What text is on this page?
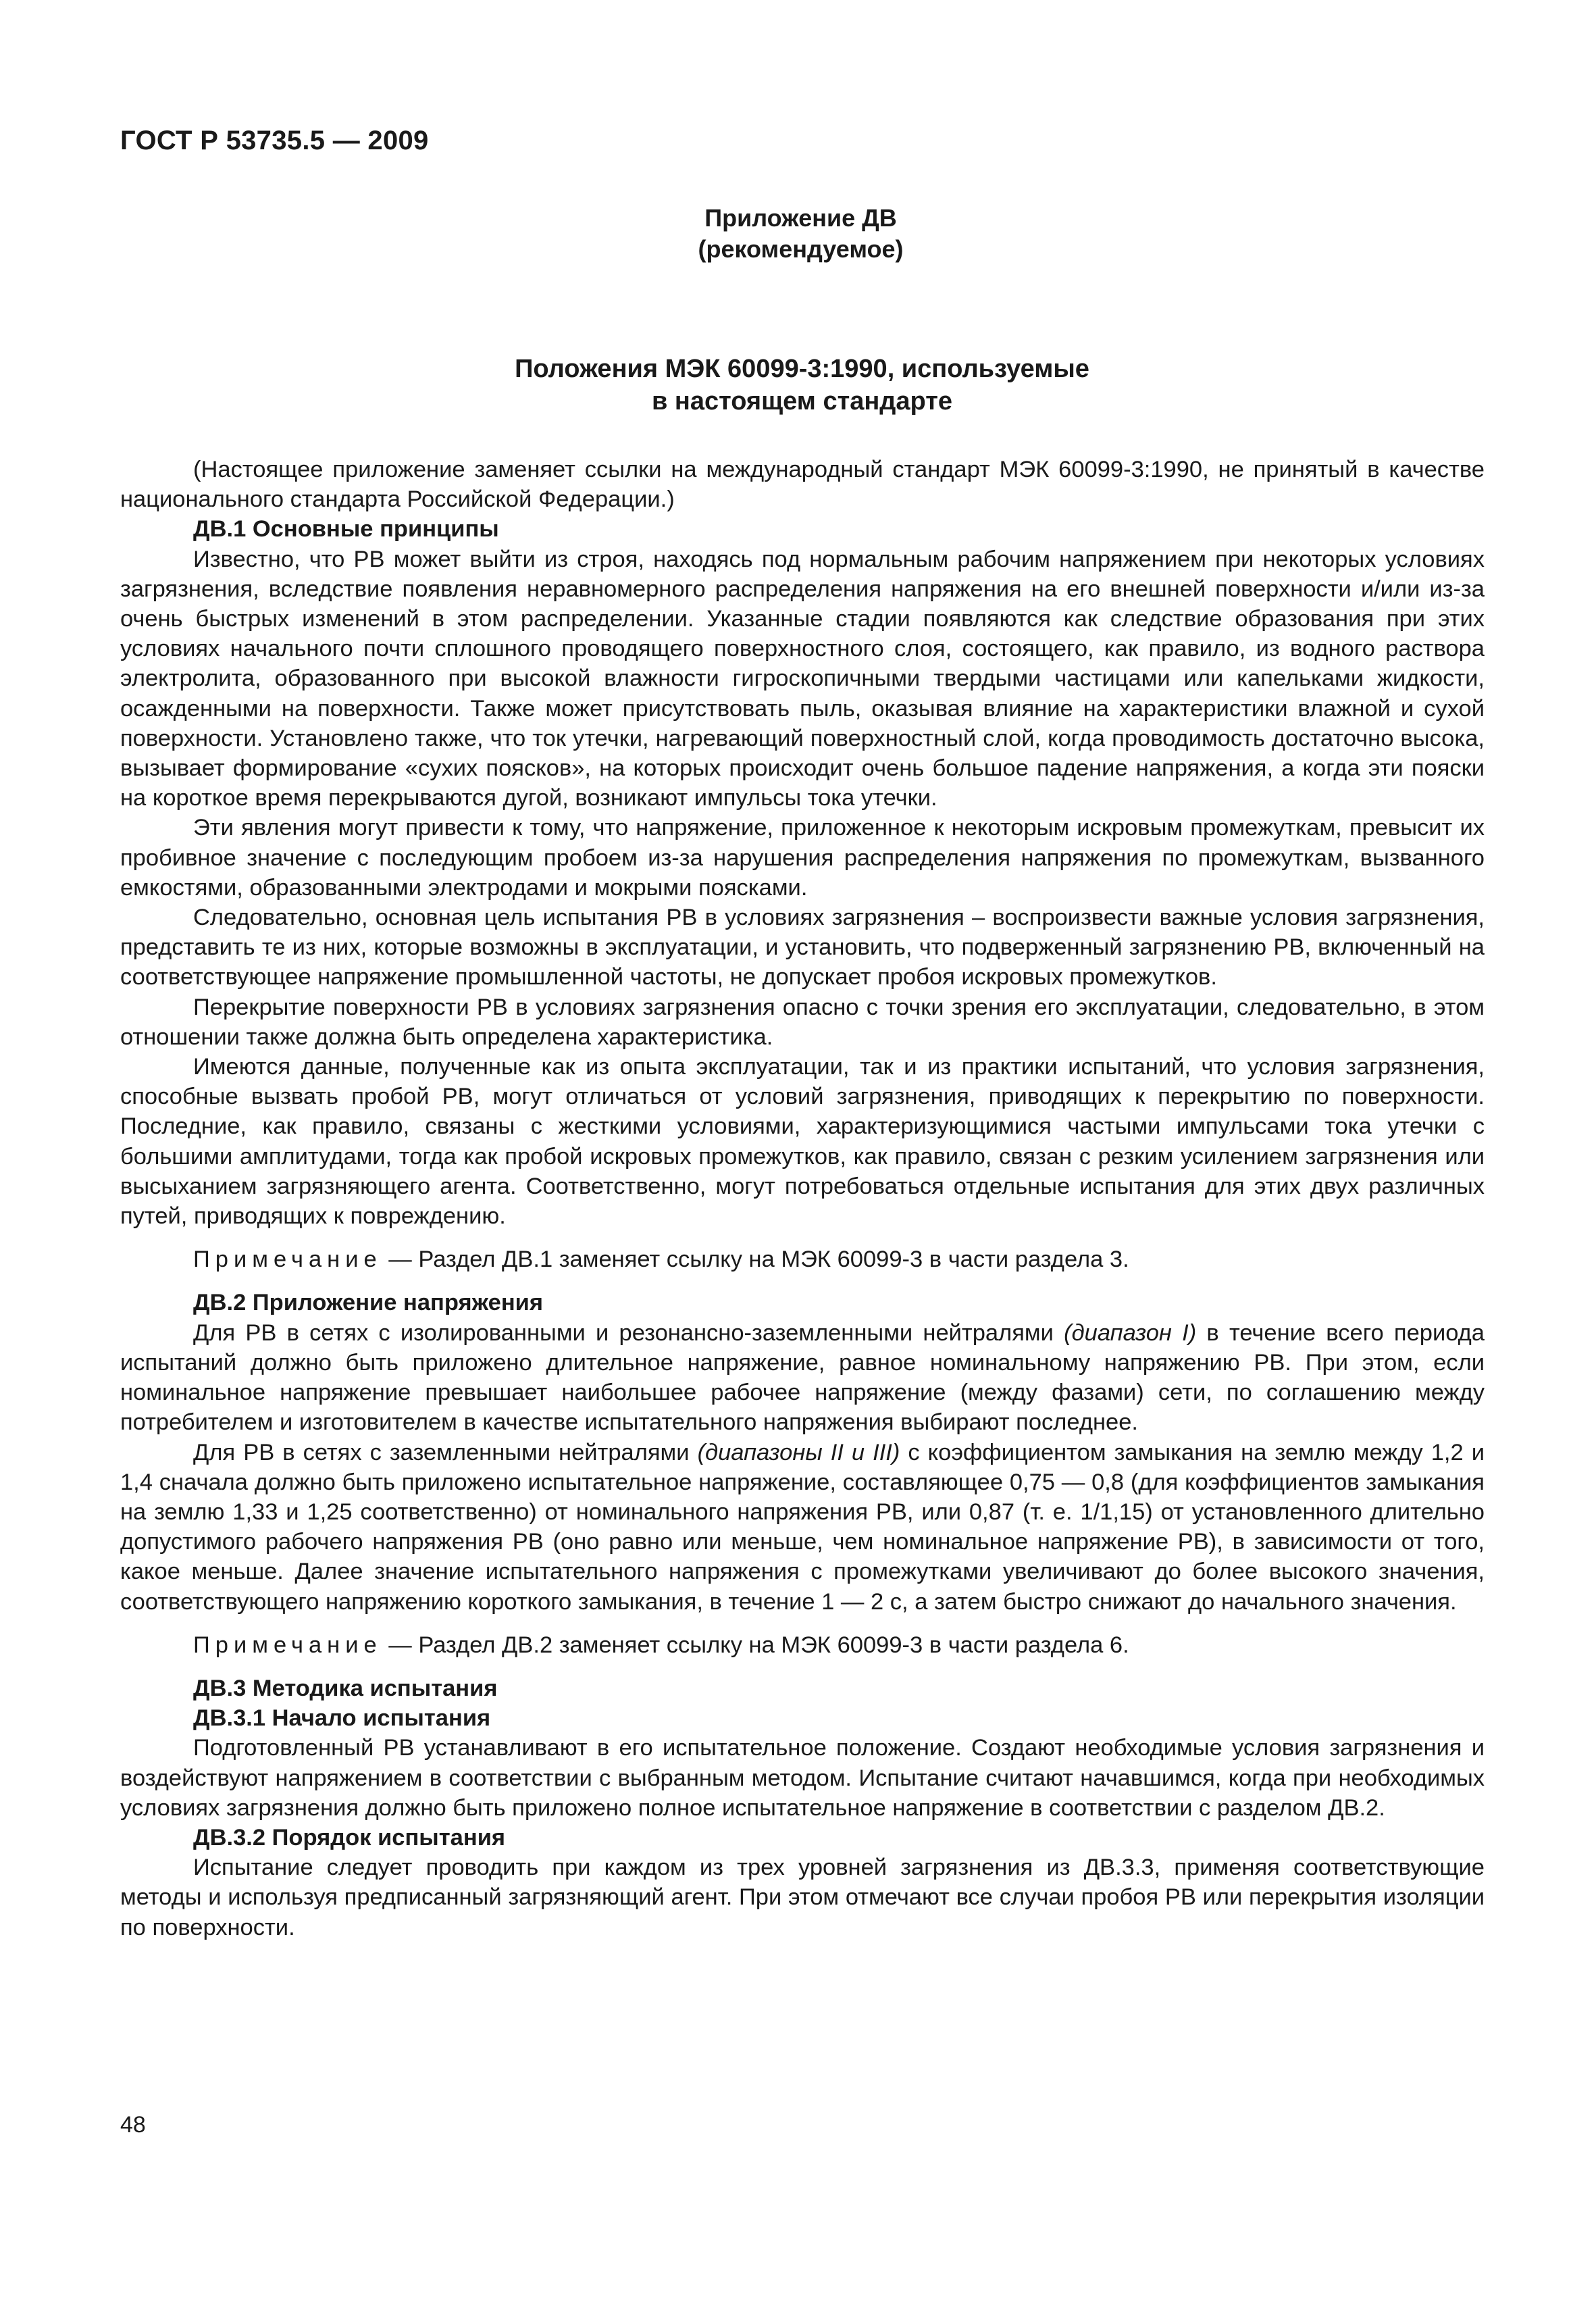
ГОСТ Р 53735.5 — 2009
Приложение ДВ
(рекомендуемое)
Положения МЭК 60099-3:1990, используемые
в настоящем стандарте

(Настоящее приложение заменяет ссылки на международный стандарт МЭК 60099-3:1990, не принятый в качестве национального стандарта Российской Федерации.)

ДВ.1 Основные принципы

Известно, что РВ может выйти из строя, находясь под нормальным рабочим напряжением при некоторых условиях загрязнения, вследствие появления неравномерного распределения напряжения на его внешней поверхности и/или из-за очень быстрых изменений в этом распределении. Указанные стадии появляются как следствие образования при этих условиях начального почти сплошного проводящего поверхностного слоя, состоящего, как правило, из водного раствора электролита, образованного при высокой влажности гигроскопичными твердыми частицами или капельками жидкости, осажденными на поверхности. Также может присутствовать пыль, оказывая влияние на характеристики влажной и сухой поверхности. Установлено также, что ток утечки, нагревающий поверхностный слой, когда проводимость достаточно высока, вызывает формирование «сухих поясков», на которых происходит очень большое падение напряжения, а когда эти пояски на короткое время перекрываются дугой, возникают импульсы тока утечки.

Эти явления могут привести к тому, что напряжение, приложенное к некоторым искровым промежуткам, превысит их пробивное значение с последующим пробоем из-за нарушения распределения напряжения по промежуткам, вызванного емкостями, образованными электродами и мокрыми поясками.

Следовательно, основная цель испытания РВ в условиях загрязнения – воспроизвести важные условия загрязнения, представить те из них, которые возможны в эксплуатации, и установить, что подверженный загрязнению РВ, включенный на соответствующее напряжение промышленной частоты, не допускает пробоя искровых промежутков.

Перекрытие поверхности РВ в условиях загрязнения опасно с точки зрения его эксплуатации, следовательно, в этом отношении также должна быть определена характеристика.

Имеются данные, полученные как из опыта эксплуатации, так и из практики испытаний, что условия загрязнения, способные вызвать пробой РВ, могут отличаться от условий загрязнения, приводящих к перекрытию по поверхности. Последние, как правило, связаны с жесткими условиями, характеризующимися частыми импульсами тока утечки с большими амплитудами, тогда как пробой искровых промежутков, как правило, связан с резким усилением загрязнения или высыханием загрязняющего агента. Соответственно, могут потребоваться отдельные испытания для этих двух различных путей, приводящих к повреждению.

Примечание — Раздел ДВ.1 заменяет ссылку на МЭК 60099-3 в части раздела 3.
ДВ.2 Приложение напряжения

Для РВ в сетях с изолированными и резонансно-заземленными нейтралями (диапазон I) в течение всего периода испытаний должно быть приложено длительное напряжение, равное номинальному напряжению РВ. При этом, если номинальное напряжение превышает наибольшее рабочее напряжение (между фазами) сети, по соглашению между потребителем и изготовителем в качестве испытательного напряжения выбирают последнее.

Для РВ в сетях с заземленными нейтралями (диапазоны II и III) с коэффициентом замыкания на землю между 1,2 и 1,4 сначала должно быть приложено испытательное напряжение, составляющее 0,75 — 0,8 (для коэффициентов замыкания на землю 1,33 и 1,25 соответственно) от номинального напряжения РВ, или 0,87 (т. е. 1/1,15) от установленного длительно допустимого рабочего напряжения РВ (оно равно или меньше, чем номинальное напряжение РВ), в зависимости от того, какое меньше. Далее значение испытательного напряжения с промежутками увеличивают до более высокого значения, соответствующего напряжению короткого замыкания, в течение 1 — 2 с, а затем быстро снижают до начального значения.

Примечание — Раздел ДВ.2 заменяет ссылку на МЭК 60099-3 в части раздела 6.
ДВ.3 Методика испытания
ДВ.3.1 Начало испытания

Подготовленный РВ устанавливают в его испытательное положение. Создают необходимые условия загрязнения и воздействуют напряжением в соответствии с выбранным методом. Испытание считают начавшимся, когда при необходимых условиях загрязнения должно быть приложено полное испытательное напряжение в соответствии с разделом ДВ.2.

ДВ.3.2 Порядок испытания

Испытание следует проводить при каждом из трех уровней загрязнения из ДВ.3.3, применяя соответствующие методы и используя предписанный загрязняющий агент. При этом отмечают все случаи пробоя РВ или перекрытия изоляции по поверхности.

48
